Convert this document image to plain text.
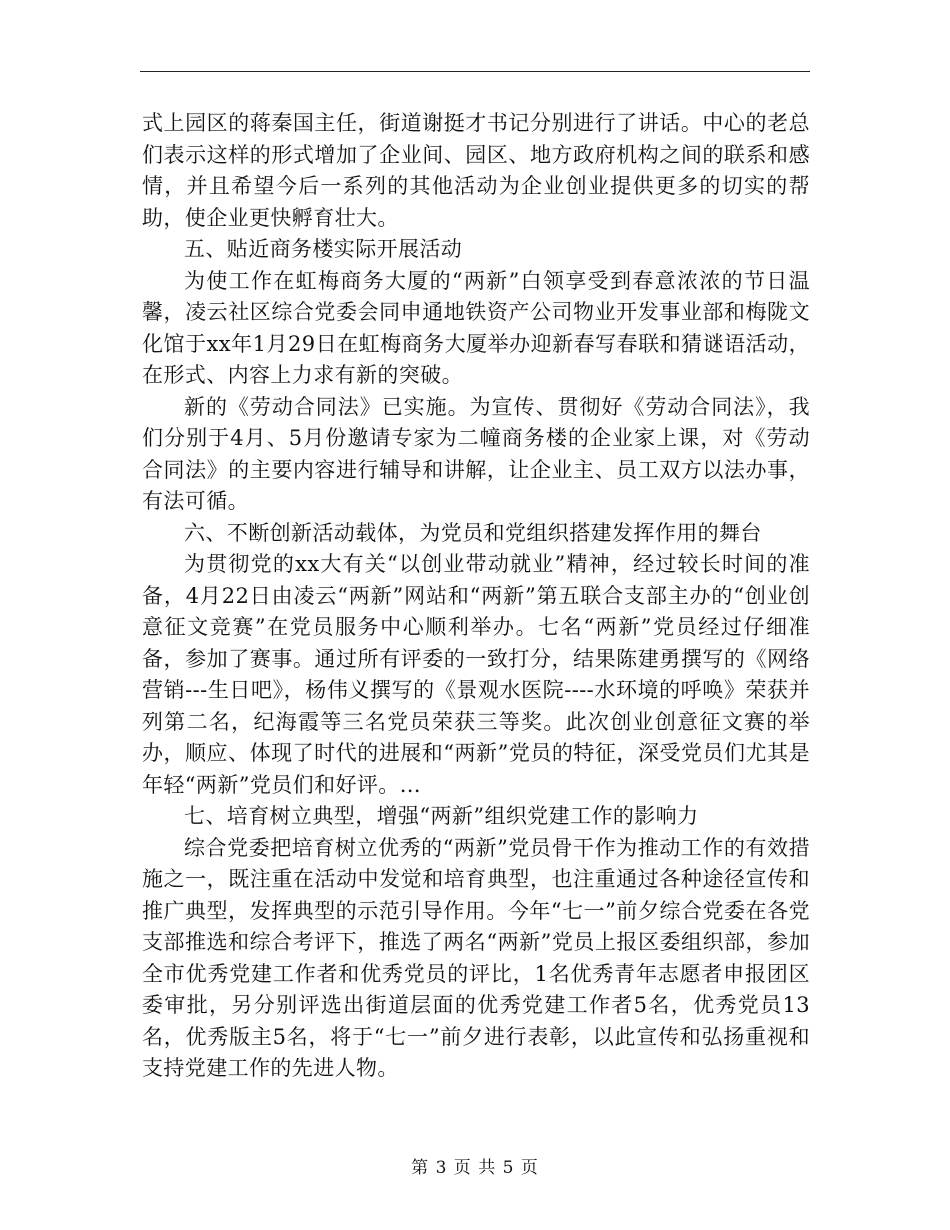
式上园区的蒋秦国主任，街道谢挺才书记分别进行了讲话。中心的老总们表示这样的形式增加了企业间、园区、地方政府机构之间的联系和感情，并且希望今后一系列的其他活动为企业创业提供更多的切实的帮助，使企业更快孵育壮大。

五、贴近商务楼实际开展活动

为使工作在虹梅商务大厦的“两新”白领享受到春意浓浓的节日温馨，凌云社区综合党委会同申通地铁资产公司物业开发事业部和梅陇文化馆于xx年1月29日在虹梅商务大厦举办迎新春写春联和猜谜语活动，在形式、内容上力求有新的突破。

新的《劳动合同法》已实施。为宣传、贯彻好《劳动合同法》，我们分别于4月、5月份邀请专家为二幢商务楼的企业家上课，对《劳动合同法》的主要内容进行辅导和讲解，让企业主、员工双方以法办事，有法可循。

六、不断创新活动载体，为党员和党组织搭建发挥作用的舞台

为贯彻党的xx大有关“以创业带动就业”精神，经过较长时间的准备，4月22日由凌云“两新”网站和“两新”第五联合支部主办的“创业创意征文竞赛”在党员服务中心顺利举办。七名“两新”党员经过仔细准备，参加了赛事。通过所有评委的一致打分，结果陈建勇撰写的《网络营销---生日吧》，杨伟义撰写的《景观水医院----水环境的呼唤》荣获并列第二名，纪海霞等三名党员荣获三等奖。此次创业创意征文赛的举办，顺应、体现了时代的进展和“两新”党员的特征，深受党员们尤其是年轻“两新”党员们和好评。…

七、培育树立典型，增强“两新”组织党建工作的影响力

综合党委把培育树立优秀的“两新”党员骨干作为推动工作的有效措施之一，既注重在活动中发觉和培育典型，也注重通过各种途径宣传和推广典型，发挥典型的示范引导作用。今年“七一”前夕综合党委在各党支部推选和综合考评下，推选了两名“两新”党员上报区委组织部，参加全市优秀党建工作者和优秀党员的评比，1名优秀青年志愿者申报团区委审批，另分别评选出街道层面的优秀党建工作者5名，优秀党员13名，优秀版主5名，将于“七一”前夕进行表彰，以此宣传和弘扬重视和支持党建工作的先进人物。

第 3 页 共 5 页
